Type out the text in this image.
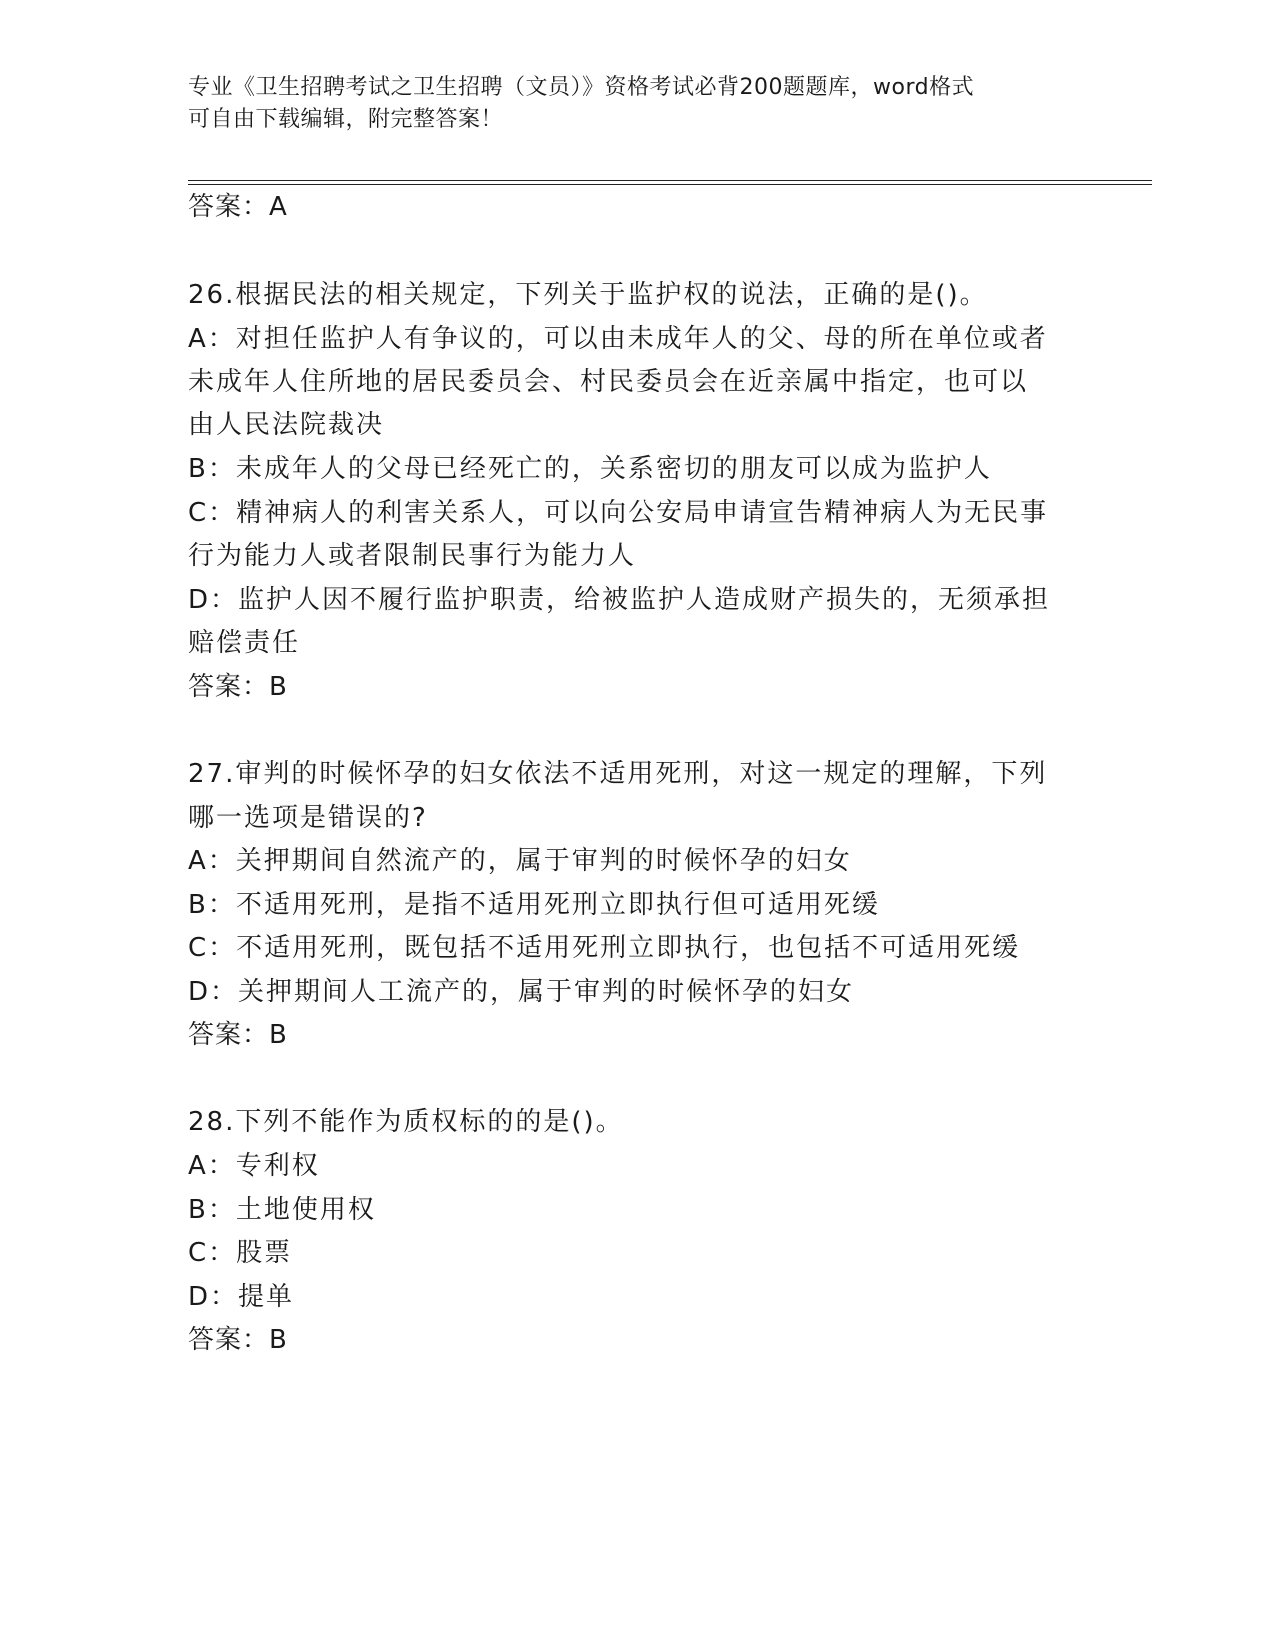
专业《卫生招聘考试之卫生招聘（文员）》资格考试必背200题题库，word格式
可自由下载编辑，附完整答案！
答案：A
26.根据民法的相关规定，下列关于监护权的说法，正确的是()。
A：对担任监护人有争议的，可以由未成年人的父、母的所在单位或者
未成年人住所地的居民委员会、村民委员会在近亲属中指定，也可以
由人民法院裁决
B：未成年人的父母已经死亡的，关系密切的朋友可以成为监护人
C：精神病人的利害关系人，可以向公安局申请宣告精神病人为无民事
行为能力人或者限制民事行为能力人
D：监护人因不履行监护职责，给被监护人造成财产损失的，无须承担
赔偿责任
答案：B
27.审判的时候怀孕的妇女依法不适用死刑，对这一规定的理解，下列
哪一选项是错误的?
A：关押期间自然流产的，属于审判的时候怀孕的妇女
B：不适用死刑，是指不适用死刑立即执行但可适用死缓
C：不适用死刑，既包括不适用死刑立即执行，也包括不可适用死缓
D：关押期间人工流产的，属于审判的时候怀孕的妇女
答案：B
28.下列不能作为质权标的的是()。
A：专利权
B：土地使用权
C：股票
D：提单
答案：B
